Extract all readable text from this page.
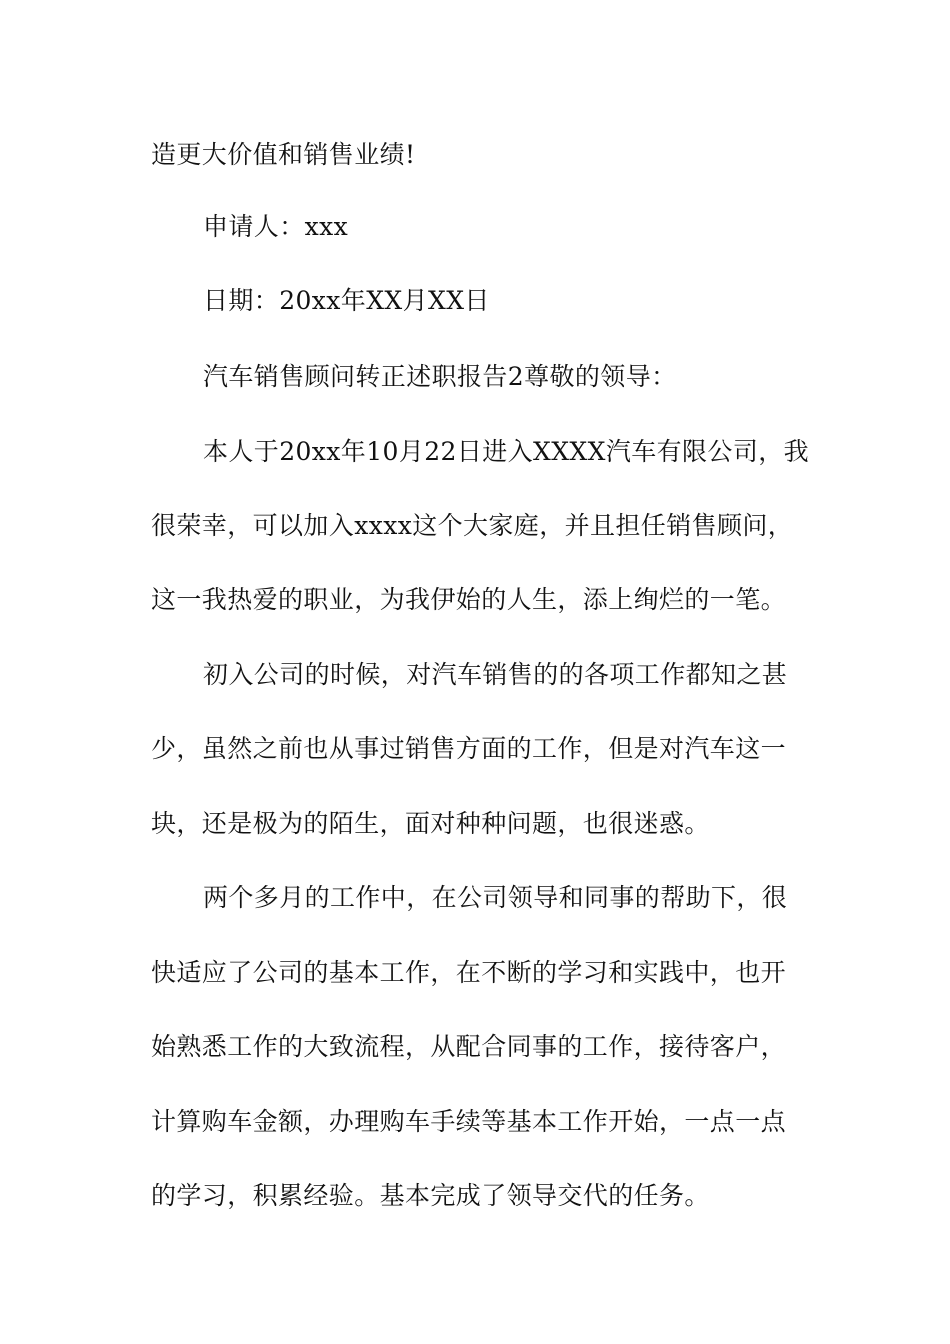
造更大价值和销售业绩!
申请人：xxx
日期：20xx年XX月XX日
汽车销售顾问转正述职报告2尊敬的领导：
本人于20xx年10月22日进入XXXX汽车有限公司，我
很荣幸，可以加入xxxx这个大家庭，并且担任销售顾问，
这一我热爱的职业，为我伊始的人生，添上绚烂的一笔。
初入公司的时候，对汽车销售的的各项工作都知之甚
少，虽然之前也从事过销售方面的工作，但是对汽车这一
块，还是极为的陌生，面对种种问题，也很迷惑。
两个多月的工作中，在公司领导和同事的帮助下，很
快适应了公司的基本工作，在不断的学习和实践中，也开
始熟悉工作的大致流程，从配合同事的工作，接待客户，
计算购车金额，办理购车手续等基本工作开始，一点一点
的学习，积累经验。基本完成了领导交代的任务。
